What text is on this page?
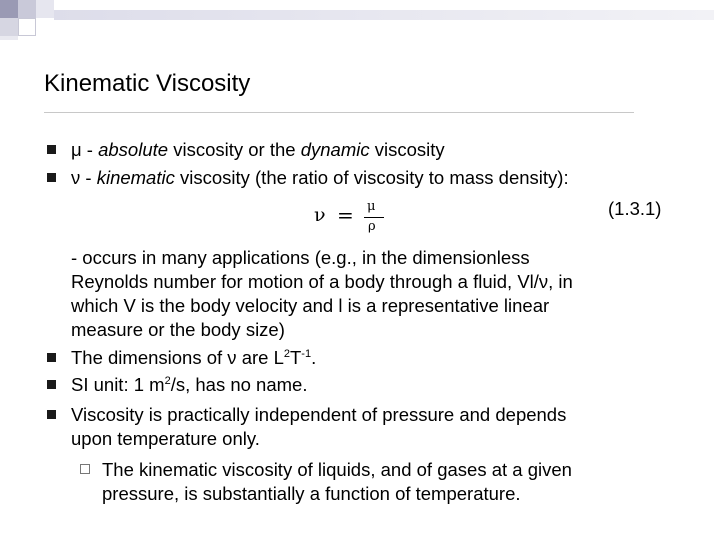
Kinematic Viscosity
μ - absolute viscosity or the dynamic viscosity
ν - kinematic viscosity (the ratio of viscosity to mass density):
ν = μ
ρ
(1.3.1)
- occurs in many applications (e.g., in the dimensionless
Reynolds number for motion of a body through a fluid, Vl/ν, in
which V is the body velocity and l is a representative linear
measure or the body size)
The dimensions of ν are $L^2T^{-1}$.
SI unit: 1 $m^2/s$, has no name.
Viscosity is practically independent of pressure and depends
upon temperature only.
The kinematic viscosity of liquids, and of gases at a given
pressure, is substantially a function of temperature.
